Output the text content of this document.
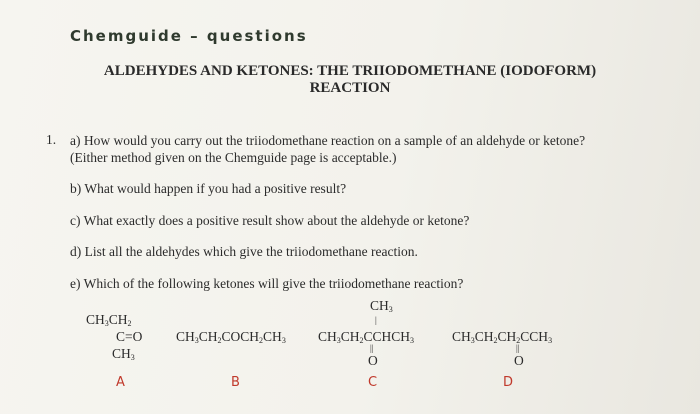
Chemguide – questions
ALDEHYDES AND KETONES: THE TRIIODOMETHANE (IODOFORM)
REACTION
1. a) How would you carry out the triiodomethane reaction on a sample of an aldehyde or ketone?
(Either method given on the Chemguide page is acceptable.)
b) What would happen if you had a positive result?
c) What exactly does a positive result show about the aldehyde or ketone?
d) List all the aldehydes which give the triiodomethane reaction.
e) Which of the following ketones will give the triiodomethane reaction?
$CH_3CH_2$
C=O
$CH_3$
A
$CH_3CH_2COCH_2CH_3$
B
$CH_3$
|
$CH_3CH_2CCHCH_3$
||
O
C
$CH_3CH_2CH_2CCH_3$
||
O
D
